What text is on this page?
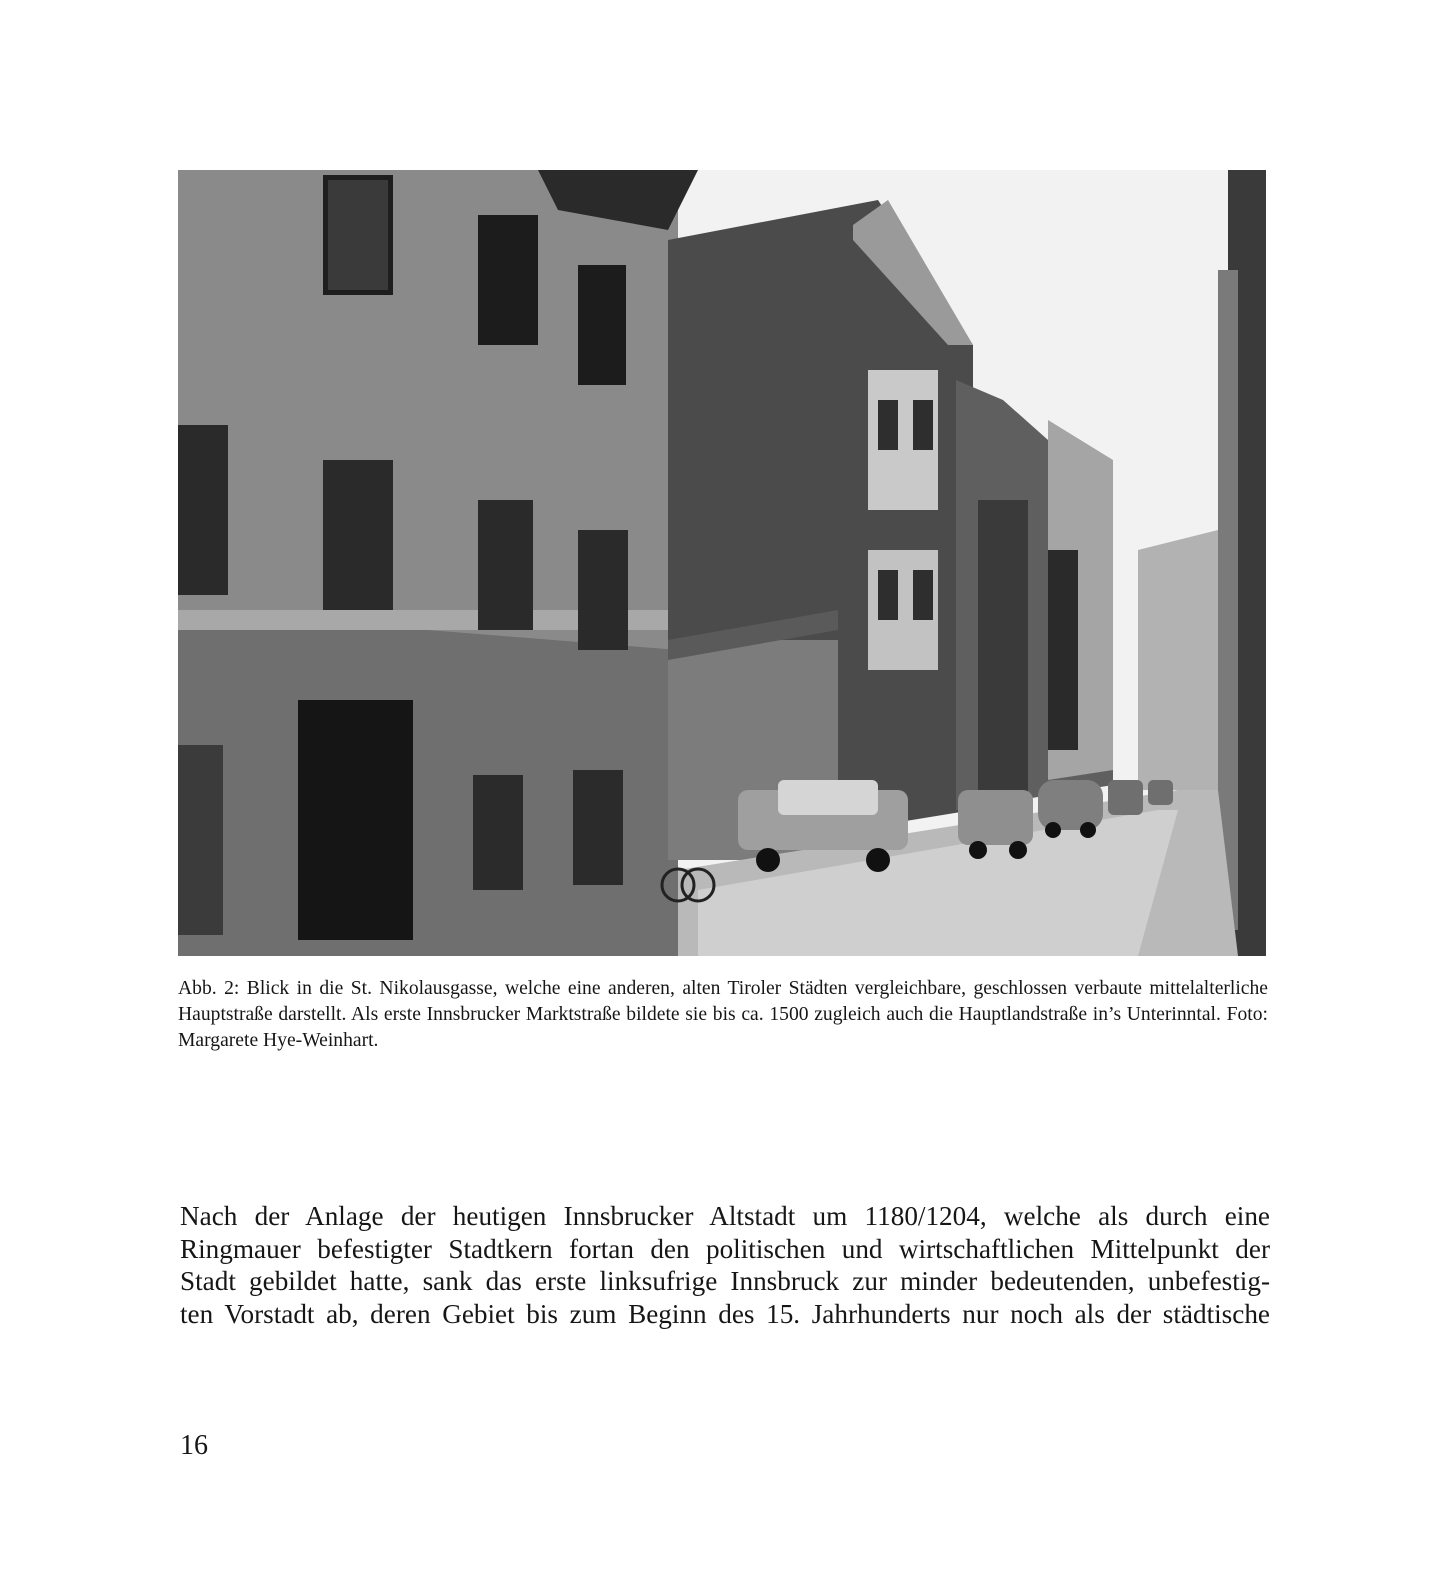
Abb. 2: Blick in die St. Nikolausgasse, welche eine anderen, alten Tiroler Städten vergleichbare, geschlossen verbaute mittelalterliche Hauptstraße darstellt. Als erste Innsbrucker Marktstraße bildete sie bis ca. 1500 zugleich auch die Hauptlandstraße in’s Unterinntal. Foto: Margarete Hye-Weinhart.

Nach der Anlage der heutigen Innsbrucker Altstadt um 1180/1204, welche als durch eine
Ringmauer befestigter Stadtkern fortan den politischen und wirtschaftlichen Mittelpunkt der
Stadt gebildet hatte, sank das erste linksufrige Innsbruck zur minder bedeutenden, unbefestig-
ten Vorstadt ab, deren Gebiet bis zum Beginn des 15. Jahrhunderts nur noch als der städtische
16
